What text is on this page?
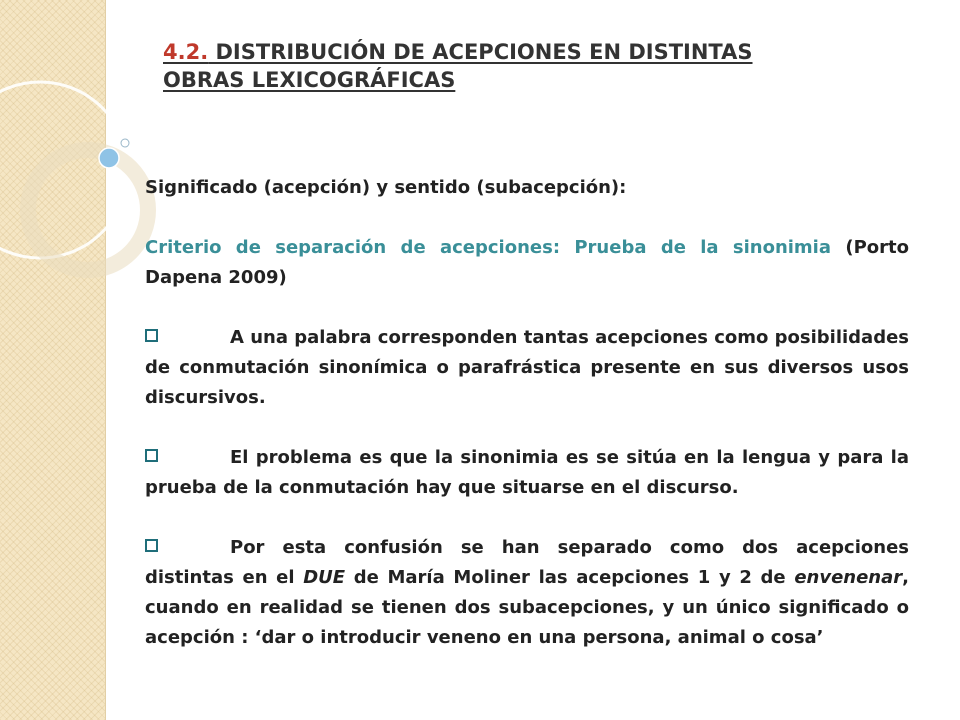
4.2. DISTRIBUCIÓN DE ACEPCIONES EN DISTINTAS
OBRAS LEXICOGRÁFICAS

Significado (acepción) y sentido (subacepción):

Criterio de separación de acepciones: Prueba de la sinonimia (Porto Dapena 2009)

A una palabra corresponden tantas acepciones como posibilidades de conmutación sinonímica o parafrástica presente en sus diversos usos discursivos.

El problema es que la sinonimia es se sitúa en la lengua y para la prueba de la conmutación hay que situarse en el discurso.

Por esta confusión se han separado como dos acepciones distintas en el DUE de María Moliner las acepciones 1 y 2 de envenenar, cuando en realidad se tienen dos subacepciones, y un único significado o acepción : ‘dar o introducir veneno en una persona, animal o cosa’
